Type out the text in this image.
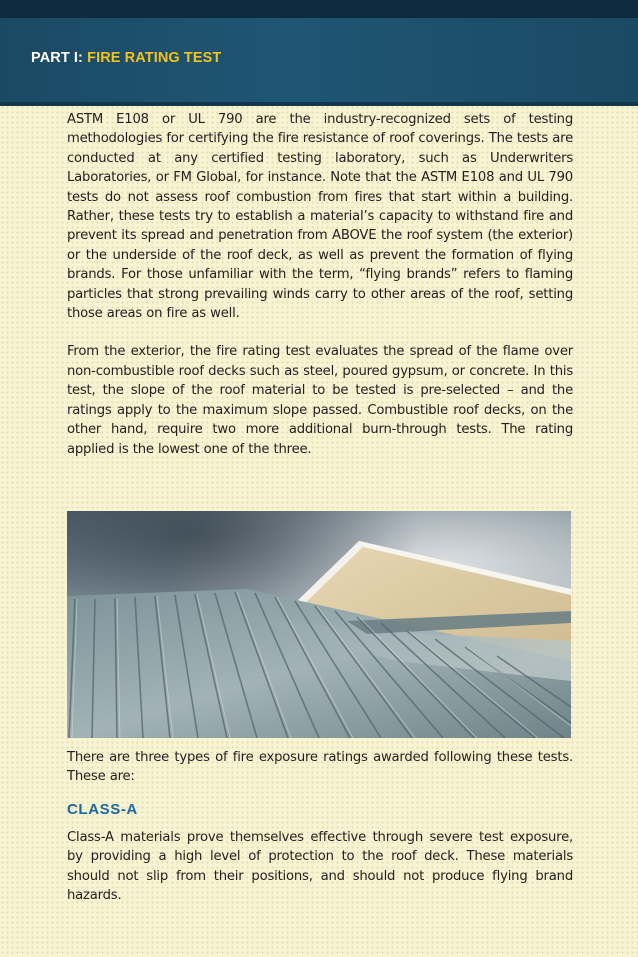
PART I: FIRE RATING TEST

ASTM E108 or UL 790 are the industry-recognized sets of testing methodologies for certifying the fire resistance of roof coverings. The tests are conducted at any certified testing laboratory, such as Underwriters Laboratories, or FM Global, for instance. Note that the ASTM E108 and UL 790 tests do not assess roof combustion from fires that start within a building. Rather, these tests try to establish a material’s capacity to withstand fire and prevent its spread and penetration from ABOVE the roof system (the exterior) or the underside of the roof deck, as well as prevent the formation of flying brands. For those unfamiliar with the term, “flying brands” refers to flaming particles that strong prevailing winds carry to other areas of the roof, setting those areas on fire as well.

From the exterior, the fire rating test evaluates the spread of the flame over non-combustible roof decks such as steel, poured gypsum, or concrete. In this test, the slope of the roof material to be tested is pre-selected – and the ratings apply to the maximum slope passed. Combustible roof decks, on the other hand, require two more additional burn-through tests. The rating applied is the lowest one of the three.

There are three types of fire exposure ratings awarded following these tests. These are:

CLASS-A

Class-A materials prove themselves effective through severe test exposure, by providing a high level of protection to the roof deck. These materials should not slip from their positions, and should not produce flying brand hazards.
